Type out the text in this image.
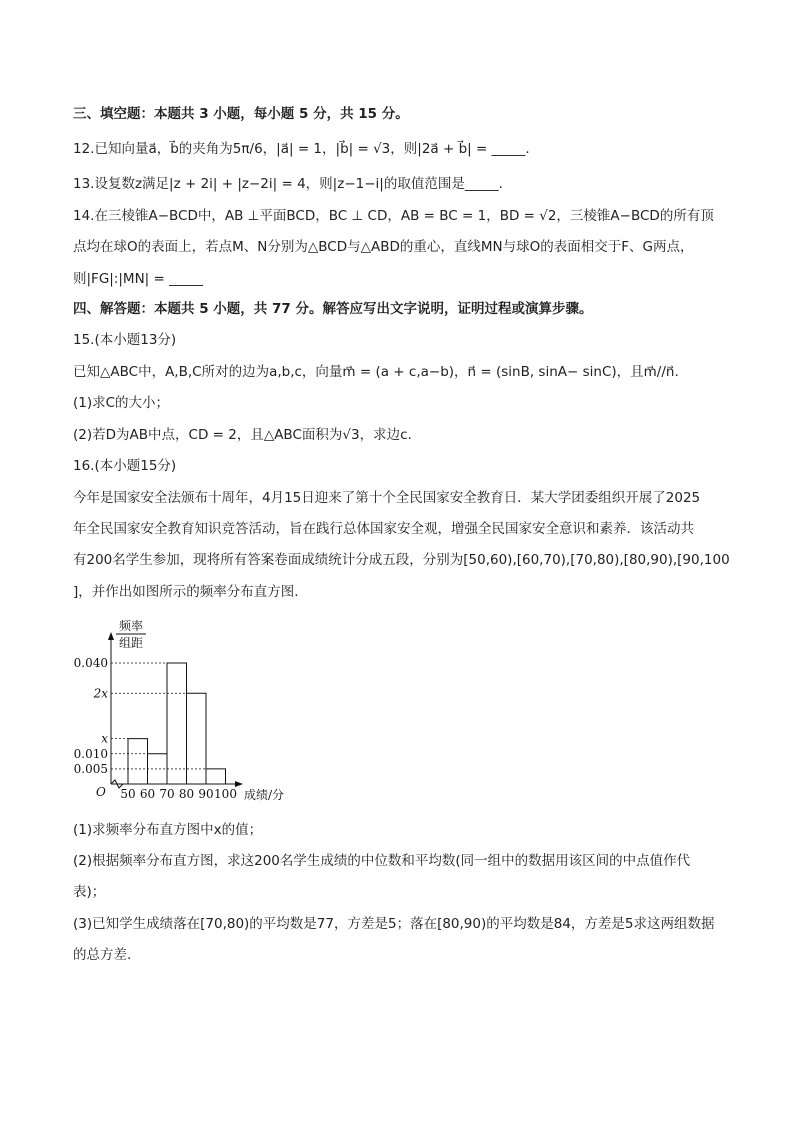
三、填空题：本题共 3 小题，每小题 5 分，共 15 分。
12.已知向量a⃗，b⃗的夹角为5π/6，|a⃗| = 1，|b⃗| = √3，则|2a⃗ + b⃗| = _____.
13.设复数z满足|z + 2i| + |z−2i| = 4，则|z−1−i|的取值范围是_____.
14.在三棱锥A−BCD中，AB ⊥平面BCD，BC ⊥ CD，AB = BC = 1，BD = √2，三棱锥A−BCD的所有顶
点均在球O的表面上，若点M、N分别为△BCD与△ABD的重心，直线MN与球O的表面相交于F、G两点，
则|FG|:|MN| = _____
四、解答题：本题共 5 小题，共 77 分。解答应写出文字说明，证明过程或演算步骤。
15.(本小题13分)
已知△ABC中，A,B,C所对的边为a,b,c，向量m⃗ = (a + c,a−b)，n⃗ = (sinB, sinA− sinC)，且m⃗//n⃗.
(1)求C的大小；
(2)若D为AB中点，CD = 2，且△ABC面积为√3，求边c.
16.(本小题15分)
今年是国家安全法颁布十周年，4月15日迎来了第十个全民国家安全教育日．某大学团委组织开展了2025
年全民国家安全教育知识竞答活动，旨在践行总体国家安全观，增强全民国家安全意识和素养．该活动共
有200名学生参加，现将所有答案卷面成绩统计分成五段，分别为[50,60),[60,70),[70,80),[80,90),[90,100
]，并作出如图所示的频率分布直方图.
频率
组距
O	成绩/分
0.040
2x
x
0.010
0.005
50 60 70 80 90 100
(1)求频率分布直方图中x的值；
(2)根据频率分布直方图，求这200名学生成绩的中位数和平均数(同一组中的数据用该区间的中点值作代
表)；
(3)已知学生成绩落在[70,80)的平均数是77，方差是5；落在[80,90)的平均数是84，方差是5求这两组数据
的总方差.
